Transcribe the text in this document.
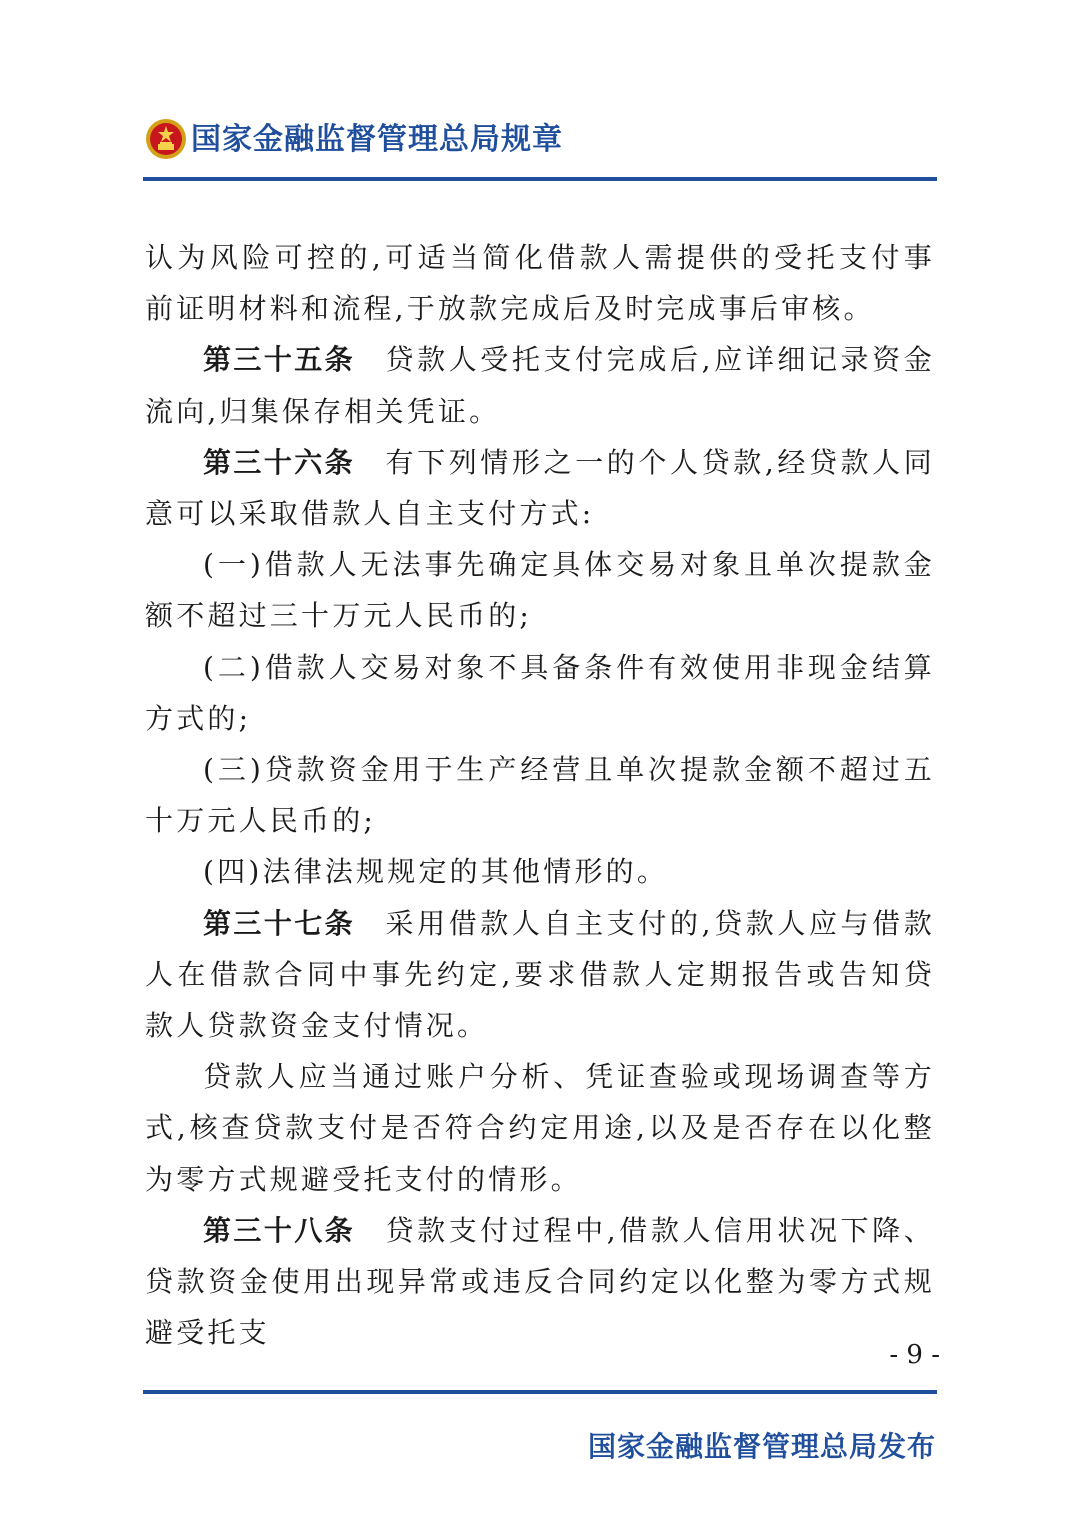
国家金融监督管理总局规章

认为风险可控的,可适当简化借款人需提供的受托支付事前证明材料和流程,于放款完成后及时完成事后审核。

第三十五条 贷款人受托支付完成后,应详细记录资金流向,归集保存相关凭证。

第三十六条 有下列情形之一的个人贷款,经贷款人同意可以采取借款人自主支付方式:

(一)借款人无法事先确定具体交易对象且单次提款金额不超过三十万元人民币的;

(二)借款人交易对象不具备条件有效使用非现金结算方式的;

(三)贷款资金用于生产经营且单次提款金额不超过五十万元人民币的;

(四)法律法规规定的其他情形的。

第三十七条 采用借款人自主支付的,贷款人应与借款人在借款合同中事先约定,要求借款人定期报告或告知贷款人贷款资金支付情况。

贷款人应当通过账户分析、凭证查验或现场调查等方式,核查贷款支付是否符合约定用途,以及是否存在以化整为零方式规避受托支付的情形。

第三十八条 贷款支付过程中,借款人信用状况下降、贷款资金使用出现异常或违反合同约定以化整为零方式规避受托支

- 9 -
国家金融监督管理总局发布
